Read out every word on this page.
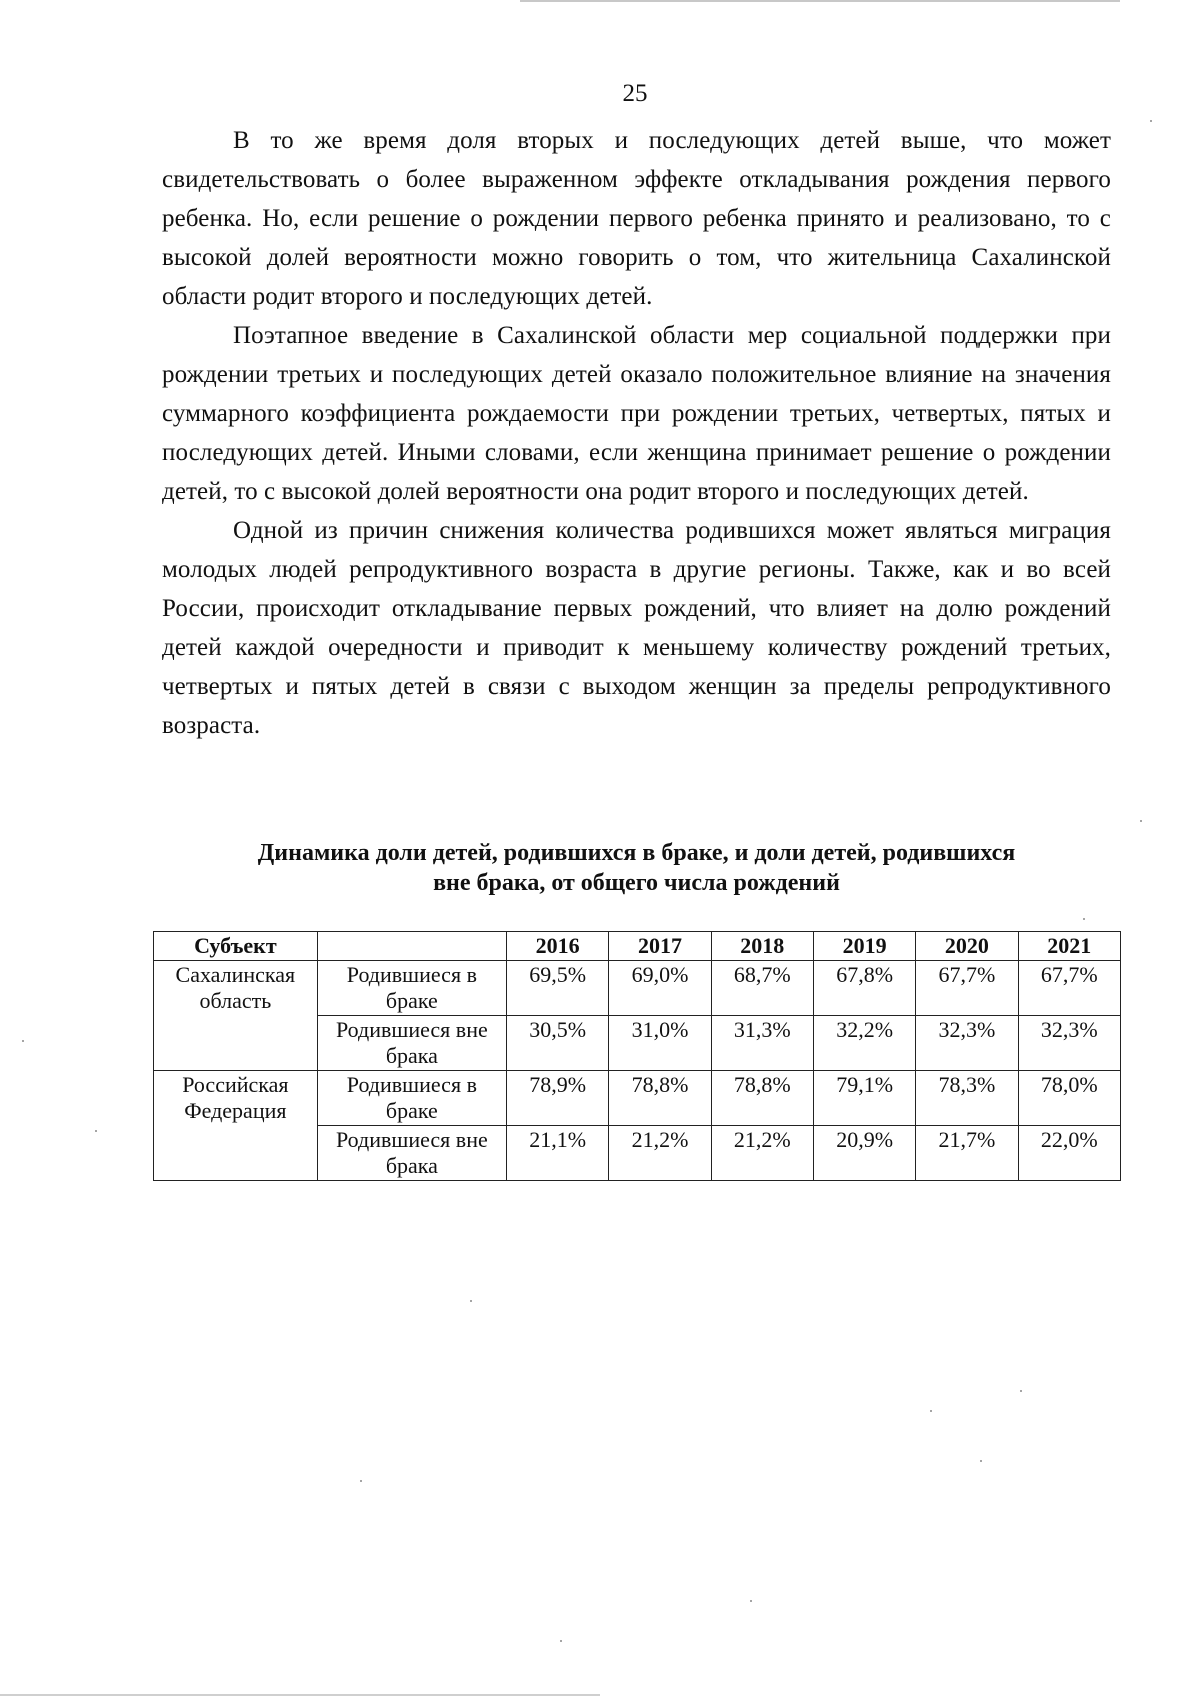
25

В то же время доля вторых и последующих детей выше, что может свидетельствовать о более выраженном эффекте откладывания рождения первого ребенка. Но, если решение о рождении первого ребенка принято и реализовано, то с высокой долей вероятности можно говорить о том, что жительница Сахалинской области родит второго и последующих детей.

Поэтапное введение в Сахалинской области мер социальной поддержки при рождении третьих и последующих детей оказало положительное влияние на значения суммарного коэффициента рождаемости при рождении третьих, четвертых, пятых и последующих детей. Иными словами, если женщина принимает решение о рождении детей, то с высокой долей вероятности она родит второго и последующих детей.

Одной из причин снижения количества родившихся может являться миграция молодых людей репродуктивного возраста в другие регионы. Также, как и во всей России, происходит откладывание первых рождений, что влияет на долю рождений детей каждой очередности и приводит к меньшему количеству рождений третьих, четвертых и пятых детей в связи с выходом женщин за пределы репродуктивного возраста.

Динамика доли детей, родившихся в браке, и доли детей, родившихся
вне брака, от общего числа рождений
Субъект		2016	2017	2018	2019	2020	2021
Сахалинская область	Родившиеся в браке	69,5%	69,0%	68,7%	67,8%	67,7%	67,7%
	Родившиеся вне брака	30,5%	31,0%	31,3%	32,2%	32,3%	32,3%
Российская Федерация	Родившиеся в браке	78,9%	78,8%	78,8%	79,1%	78,3%	78,0%
	Родившиеся вне брака	21,1%	21,2%	21,2%	20,9%	21,7%	22,0%
